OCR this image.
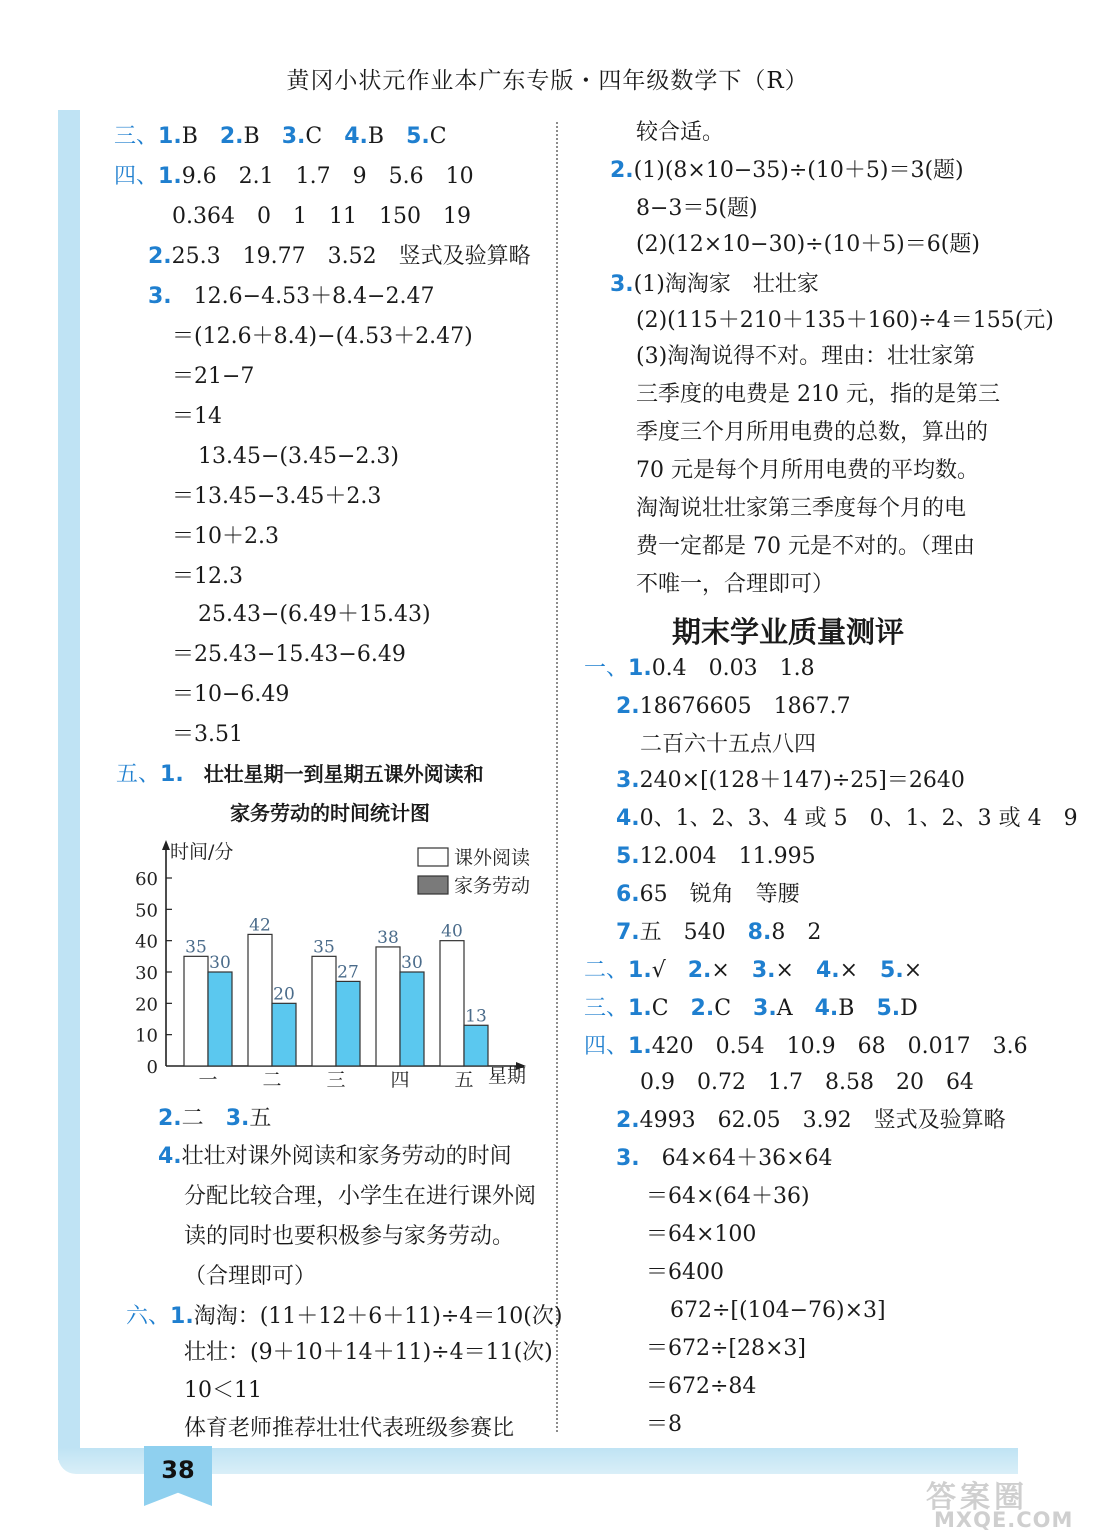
38
黄冈小状元作业本广东专版・四年级数学下（R）
三、1.B　2.B　3.C　4.B　5.C
四、1.9.6　2.1　1.7　9　5.6　10
0.364　0　1　11　150　19
2.25.3　19.77　3.52　竖式及验算略
3. 12.6−4.53＋8.4−2.47
＝(12.6＋8.4)−(4.53＋2.47)
＝21−7
＝14
13.45−(3.45−2.3)
＝13.45−3.45＋2.3
＝10＋2.3
＝12.3
25.43−(6.49＋15.43)
＝25.43−15.43−6.49
＝10−6.49
＝3.51
五、1. 壮壮星期一到星期五课外阅读和
家务劳动的时间统计图
0
10
20
30
40
50
60
时间/分
星期
35
30
一
42
20
二
35
27
三
38
30
四
40
13
五
课外阅读
家务劳动
2.二　3.五
4.壮壮对课外阅读和家务劳动的时间
分配比较合理，小学生在进行课外阅
读的同时也要积极参与家务劳动。
（合理即可）
六、1.淘淘：(11＋12＋6＋11)÷4＝10(次)
壮壮：(9＋10＋14＋11)÷4＝11(次)
10＜11
体育老师推荐壮壮代表班级参赛比
较合适。
2.(1)(8×10−35)÷(10＋5)＝3(题)
8−3＝5(题)
(2)(12×10−30)÷(10＋5)＝6(题)
3.(1)淘淘家　壮壮家
(2)(115＋210＋135＋160)÷4＝155(元)
(3)淘淘说得不对。理由：壮壮家第
三季度的电费是 210 元，指的是第三
季度三个月所用电费的总数，算出的
70 元是每个月所用电费的平均数。
淘淘说壮壮家第三季度每个月的电
费一定都是 70 元是不对的。（理由
不唯一，合理即可）
期末学业质量测评
一、1.0.4　0.03　1.8
2.18676605　1867.7
二百六十五点八四
3.240×[(128＋147)÷25]＝2640
4.0、1、2、3、4 或 5　0、1、2、3 或 4　9
5.12.004　11.995
6.65　锐角　等腰
7.五　540　8.8　2
二、1.√　2.×　3.×　4.×　5.×
三、1.C　2.C　3.A　4.B　5.D
四、1.420　0.54　10.9　68　0.017　3.6
0.9　0.72　1.7　8.58　20　64
2.4993　62.05　3.92　竖式及验算略
3. 64×64＋36×64
＝64×(64＋36)
＝64×100
＝6400
672÷[(104−76)×3]
＝672÷[28×3]
＝672÷84
＝8
答案圈
MXQE.COM
